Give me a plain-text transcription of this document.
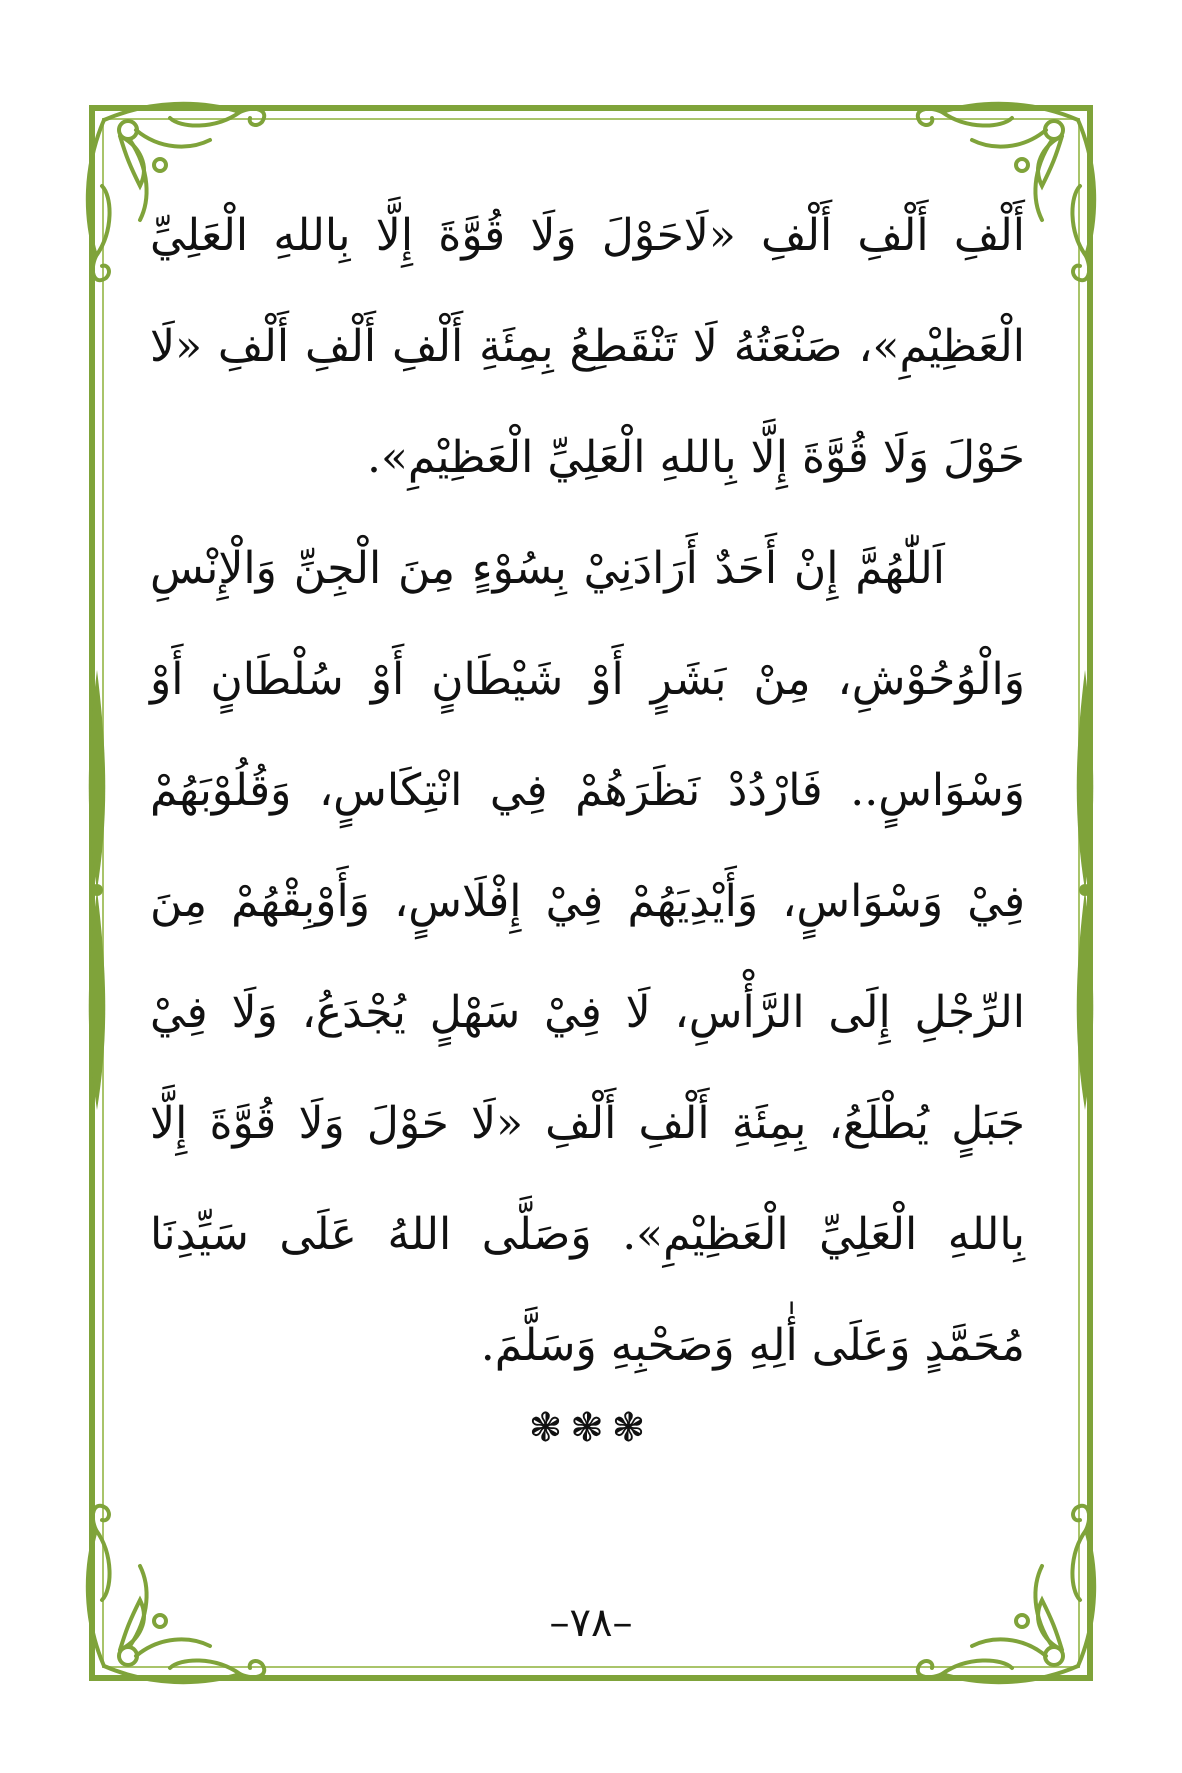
أَلْفِ أَلْفِ أَلْفِ «لَاحَوْلَ وَلَا قُوَّةَ إِلَّا بِاللهِ الْعَلِيِّ الْعَظِيْمِ»، صَنْعَتُهُ لَا تَنْقَطِعُ بِمِئَةِ أَلْفِ أَلْفِ أَلْفِ «لَا حَوْلَ وَلَا قُوَّةَ إِلَّا بِاللهِ الْعَلِيِّ الْعَظِيْمِ».

اَللّٰهُمَّ إِنْ أَحَدٌ أَرَادَنِيْ بِسُوْءٍ مِنَ الْجِنِّ وَالْإِنْسِ وَالْوُحُوْشِ، مِنْ بَشَرٍ أَوْ شَيْطَانٍ أَوْ سُلْطَانٍ أَوْ وَسْوَاسٍ.. فَارْدُدْ نَظَرَهُمْ فِي انْتِكَاسٍ، وَقُلُوْبَهُمْ فِيْ وَسْوَاسٍ، وَأَيْدِيَهُمْ فِيْ إِفْلَاسٍ، وَأَوْبِقْهُمْ مِنَ الرِّجْلِ إِلَى الرَّأْسِ، لَا فِيْ سَهْلٍ يُجْدَعُ، وَلَا فِيْ جَبَلٍ يُطْلَعُ، بِمِئَةِ أَلْفِ أَلْفِ «لَا حَوْلَ وَلَا قُوَّةَ إِلَّا بِاللهِ الْعَلِيِّ الْعَظِيْمِ». وَصَلَّى اللهُ عَلَى سَيِّدِنَا مُحَمَّدٍ وَعَلَى أٰلِهِ وَصَحْبِهِ وَسَلَّمَ.

❃❃❃
–٧٨–
